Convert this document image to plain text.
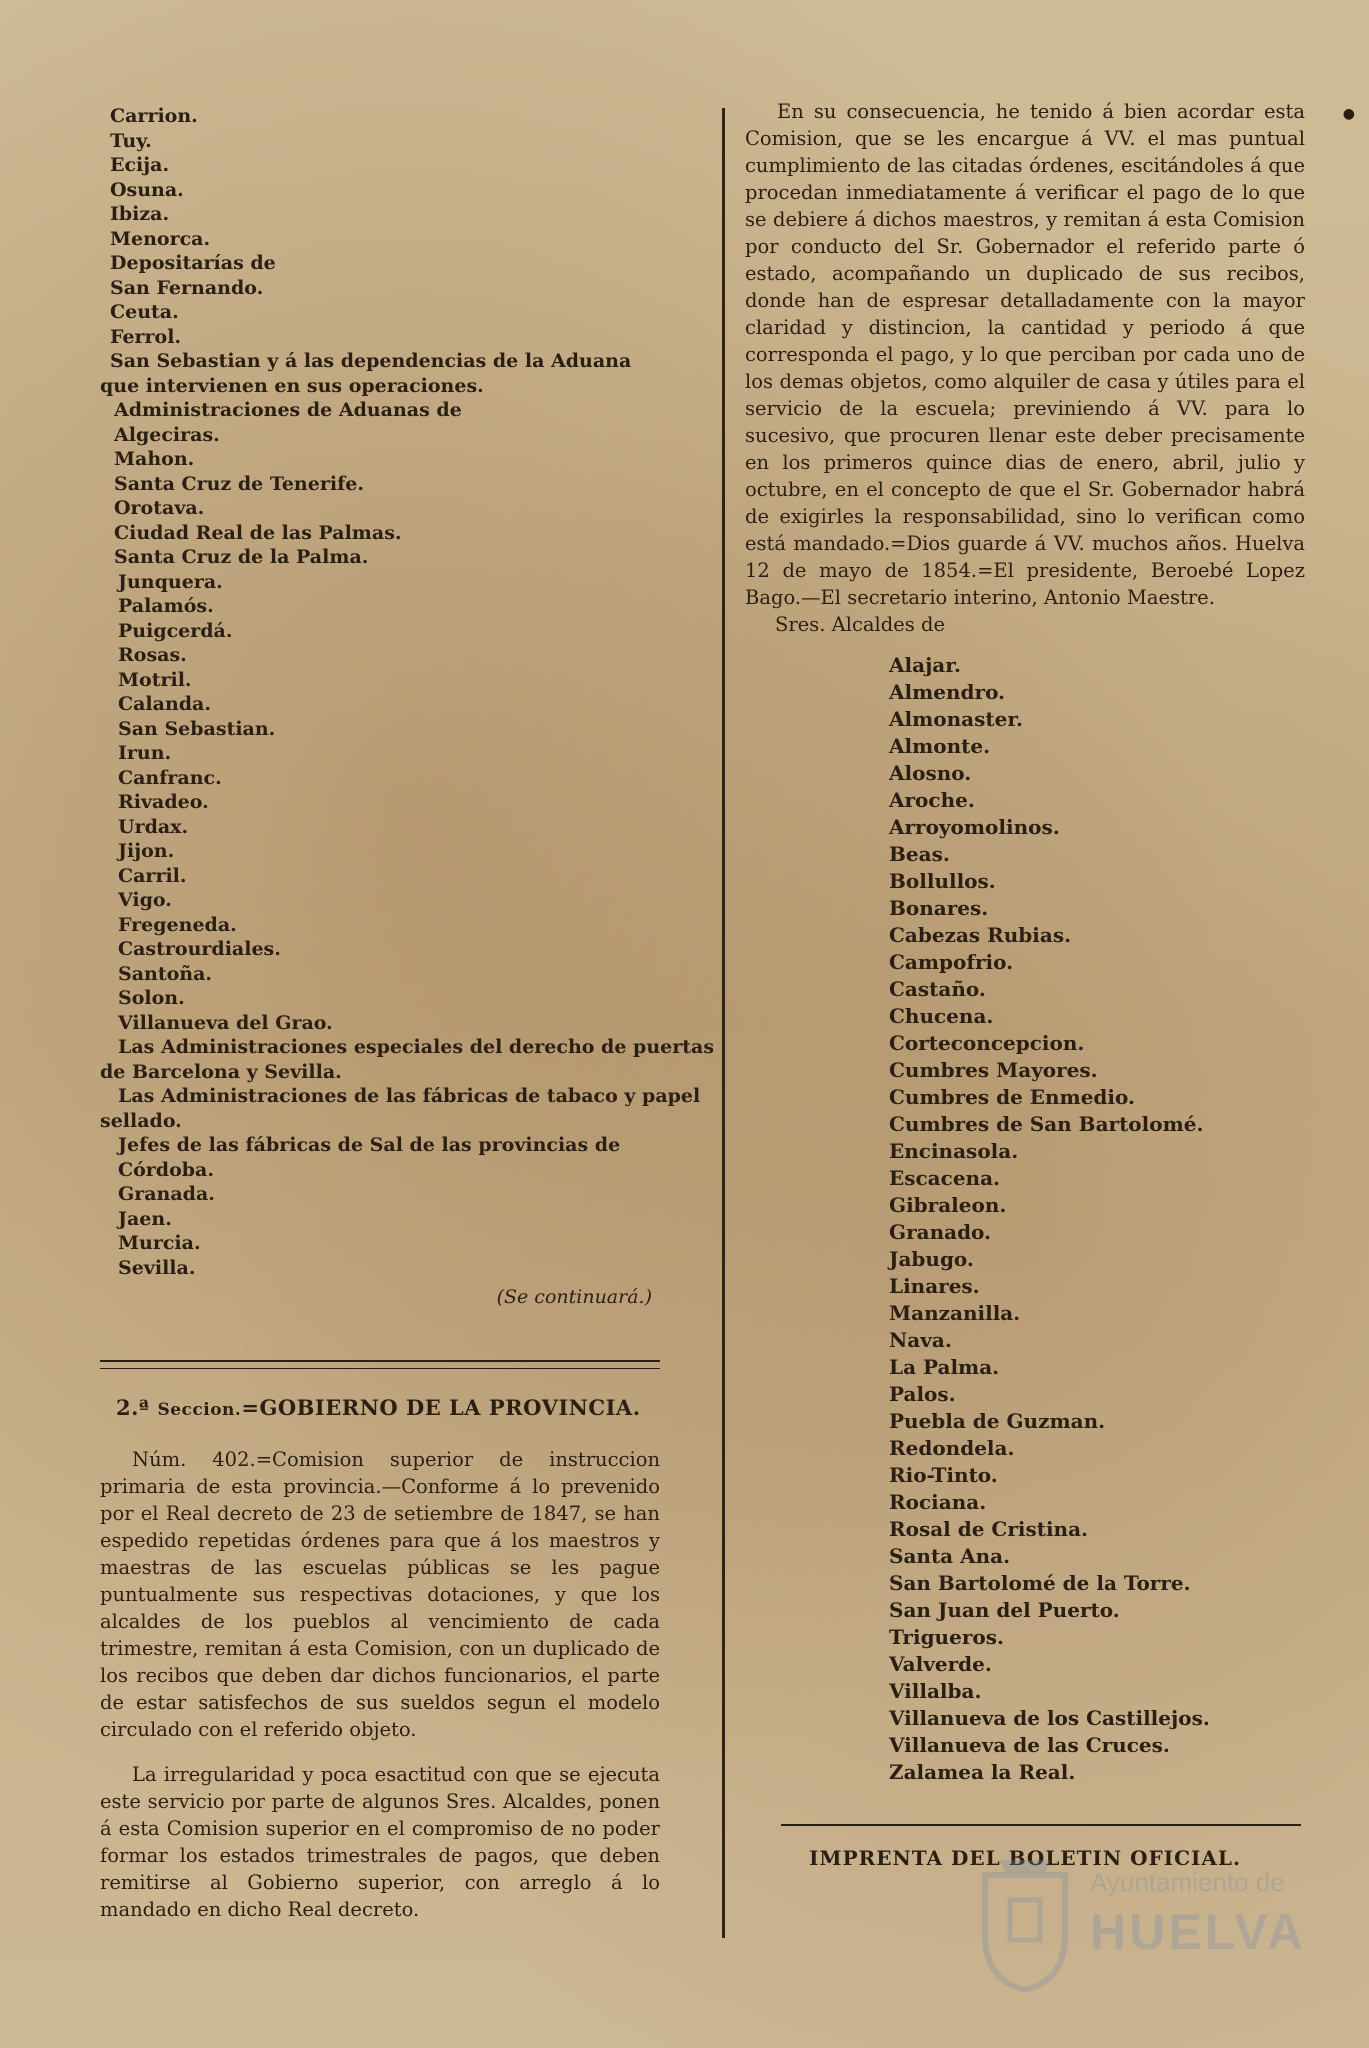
Carrion.
Tuy.
Ecija.
Osuna.
Ibiza.
Menorca.
Depositarías de
San Fernando.
Ceuta.
Ferrol.
San Sebastian y á las dependencias de la Aduana
que intervienen en sus operaciones.
Administraciones de Aduanas de
Algeciras.
Mahon.
Santa Cruz de Tenerife.
Orotava.
Ciudad Real de las Palmas.
Santa Cruz de la Palma.
Junquera.
Palamós.
Puigcerdá.
Rosas.
Motril.
Calanda.
San Sebastian.
Irun.
Canfranc.
Rivadeo.
Urdax.
Jijon.
Carril.
Vigo.
Fregeneda.
Castrourdiales.
Santoña.
Solon.
Villanueva del Grao.
Las Administraciones especiales del derecho de puertas
de Barcelona y Sevilla.
Las Administraciones de las fábricas de tabaco y papel
sellado.
Jefes de las fábricas de Sal de las provincias de
Córdoba.
Granada.
Jaen.
Murcia.
Sevilla.
(Se continuará.)
2.ª Seccion.=GOBIERNO DE LA PROVINCIA.

Núm. 402.=Comision superior de instruccion primaria de esta provincia.—Conforme á lo prevenido por el Real decreto de 23 de setiembre de 1847, se han espedido repetidas órdenes para que á los maestros y maestras de las escuelas públicas se les pague puntualmente sus respectivas dotaciones, y que los alcaldes de los pueblos al vencimiento de cada trimestre, remitan á esta Comision, con un duplicado de los recibos que deben dar dichos funcionarios, el parte de estar satisfechos de sus sueldos segun el modelo circulado con el referido objeto.

La irregularidad y poca esactitud con que se ejecuta este servicio por parte de algunos Sres. Alcaldes, ponen á esta Comision superior en el compromiso de no poder formar los estados trimestrales de pagos, que deben remitirse al Gobierno superior, con arreglo á lo mandado en dicho Real decreto.

En su consecuencia, he tenido á bien acordar esta Comision, que se les encargue á VV. el mas puntual cumplimiento de las citadas órdenes, escitándoles á que procedan inmediatamente á verificar el pago de lo que se debiere á dichos maestros, y remitan á esta Comision por conducto del Sr. Gobernador el referido parte ó estado, acompañando un duplicado de sus recibos, donde han de espresar detalladamente con la mayor claridad y distincion, la cantidad y periodo á que corresponda el pago, y lo que perciban por cada uno de los demas objetos, como alquiler de casa y útiles para el servicio de la escuela; previniendo á VV. para lo sucesivo, que procuren llenar este deber precisamente en los primeros quince dias de enero, abril, julio y octubre, en el concepto de que el Sr. Gobernador habrá de exigirles la responsabilidad, sino lo verifican como está mandado.=Dios guarde á VV. muchos años. Huelva 12 de mayo de 1854.=El presidente, Beroebé Lopez Bago.—El secretario interino, Antonio Maestre.

Sres. Alcaldes de
Alajar.
Almendro.
Almonaster.
Almonte.
Alosno.
Aroche.
Arroyomolinos.
Beas.
Bollullos.
Bonares.
Cabezas Rubias.
Campofrio.
Castaño.
Chucena.
Corteconcepcion.
Cumbres Mayores.
Cumbres de Enmedio.
Cumbres de San Bartolomé.
Encinasola.
Escacena.
Gibraleon.
Granado.
Jabugo.
Linares.
Manzanilla.
Nava.
La Palma.
Palos.
Puebla de Guzman.
Redondela.
Rio-Tinto.
Rociana.
Rosal de Cristina.
Santa Ana.
San Bartolomé de la Torre.
San Juan del Puerto.
Trigueros.
Valverde.
Villalba.
Villanueva de los Castillejos.
Villanueva de las Cruces.
Zalamea la Real.
IMPRENTA DEL BOLETIN OFICIAL.
●
Ayuntamiento de
HUELVA
